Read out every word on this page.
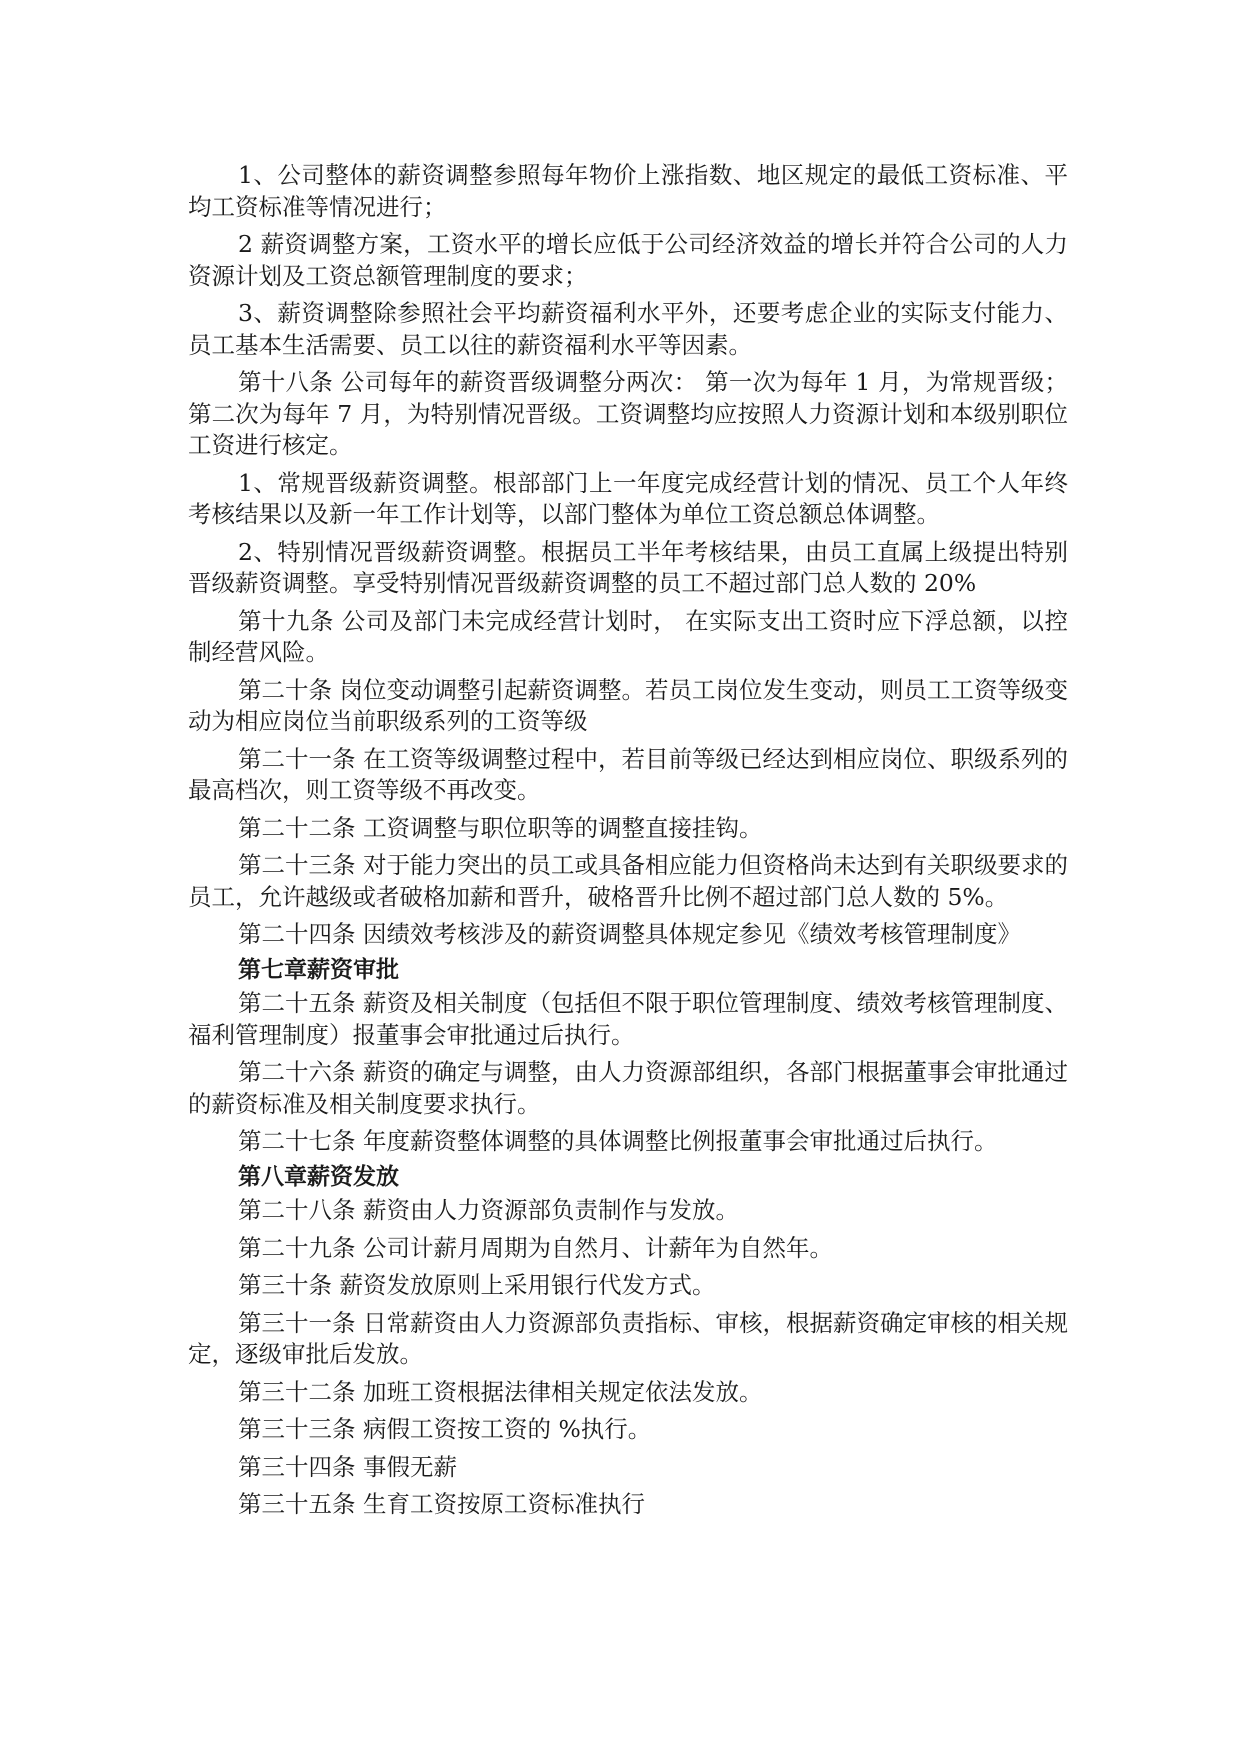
1、公司整体的薪资调整参照每年物价上涨指数、地区规定的最低工资标准、平均工资标准等情况进行；

2 薪资调整方案，工资水平的增长应低于公司经济效益的增长并符合公司的人力资源计划及工资总额管理制度的要求；

3、薪资调整除参照社会平均薪资福利水平外，还要考虑企业的实际支付能力、员工基本生活需要、员工以往的薪资福利水平等因素。

第十八条 公司每年的薪资晋级调整分两次： 第一次为每年 1 月，为常规晋级；第二次为每年 7 月，为特别情况晋级。工资调整均应按照人力资源计划和本级别职位工资进行核定。

1、常规晋级薪资调整。根部部门上一年度完成经营计划的情况、员工个人年终考核结果以及新一年工作计划等，以部门整体为单位工资总额总体调整。

2、特别情况晋级薪资调整。根据员工半年考核结果，由员工直属上级提出特别晋级薪资调整。享受特别情况晋级薪资调整的员工不超过部门总人数的 20%

第十九条 公司及部门未完成经营计划时， 在实际支出工资时应下浮总额，以控制经营风险。

第二十条 岗位变动调整引起薪资调整。若员工岗位发生变动，则员工工资等级变动为相应岗位当前职级系列的工资等级

第二十一条 在工资等级调整过程中，若目前等级已经达到相应岗位、职级系列的最高档次，则工资等级不再改变。

第二十二条 工资调整与职位职等的调整直接挂钩。

第二十三条 对于能力突出的员工或具备相应能力但资格尚未达到有关职级要求的员工，允许越级或者破格加薪和晋升，破格晋升比例不超过部门总人数的 5%。

第二十四条 因绩效考核涉及的薪资调整具体规定参见《绩效考核管理制度》

第七章薪资审批

第二十五条 薪资及相关制度（包括但不限于职位管理制度、绩效考核管理制度、福利管理制度）报董事会审批通过后执行。

第二十六条 薪资的确定与调整，由人力资源部组织，各部门根据董事会审批通过的薪资标准及相关制度要求执行。

第二十七条 年度薪资整体调整的具体调整比例报董事会审批通过后执行。

第八章薪资发放

第二十八条 薪资由人力资源部负责制作与发放。

第二十九条 公司计薪月周期为自然月、计薪年为自然年。

第三十条 薪资发放原则上采用银行代发方式。

第三十一条 日常薪资由人力资源部负责指标、审核，根据薪资确定审核的相关规定，逐级审批后发放。

第三十二条 加班工资根据法律相关规定依法发放。

第三十三条 病假工资按工资的 %执行。

第三十四条 事假无薪

第三十五条 生育工资按原工资标准执行
